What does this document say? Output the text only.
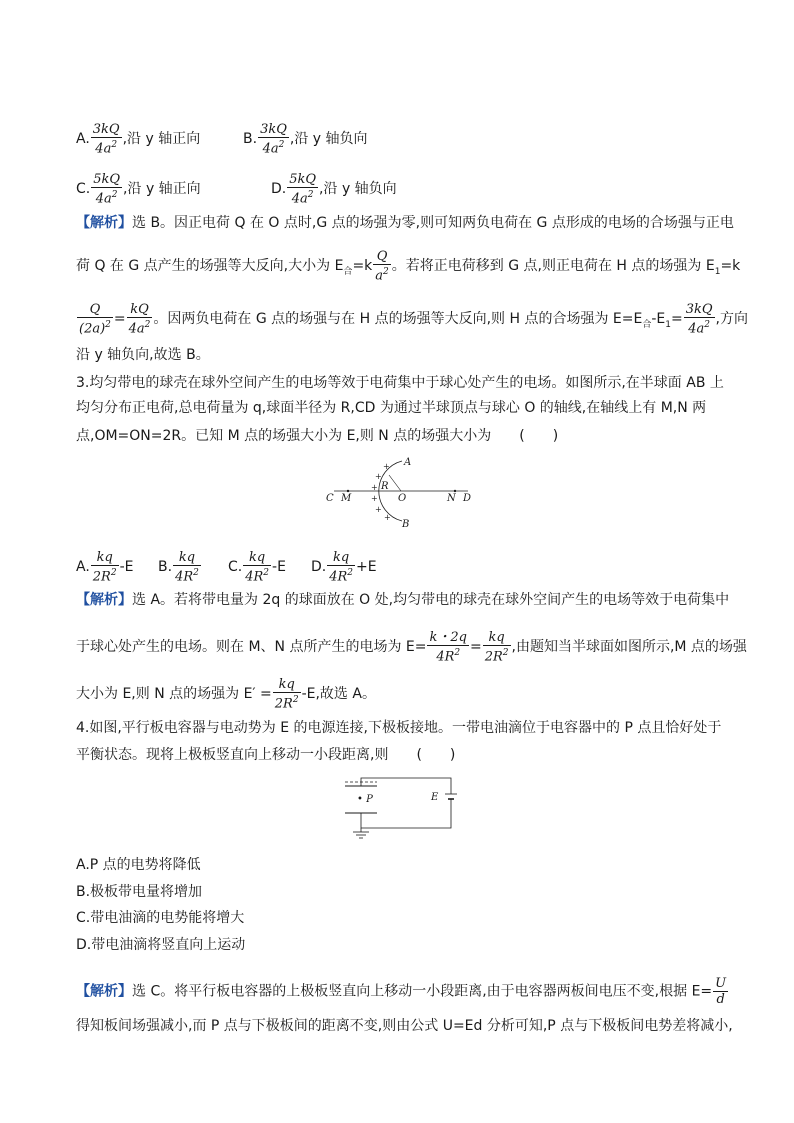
A. $\frac{3kQ}{4a^2}$ ,沿 y 轴正向	B. $\frac{3kQ}{4a^2}$ ,沿 y 轴负向
C. $\frac{5kQ}{4a^2}$ ,沿 y 轴正向	D. $\frac{5kQ}{4a^2}$ ,沿 y 轴负向
【解析】选 B。因正电荷 Q 在 O 点时,G 点的场强为零,则可知两负电荷在 G 点形成的电场的合场强与正电
荷 Q 在 G 点产生的场强等大反向,大小为 $E_合=k \frac{Q}{a^2}$ 。若将正电荷移到 G 点,则正电荷在 H 点的场强为 $E_1=k$
$\frac{Q}{(2a)^2} = \frac{kQ}{4a^2}$ 。因两负电荷在 G 点的场强与在 H 点的场强等大反向,则 H 点的合场强为 $E=E_合-E_1= \frac{3kQ}{4a^2}$ ,方向
沿 y 轴负向,故选 B。
3.均匀带电的球壳在球外空间产生的电场等效于电荷集中于球心处产生的电场。如图所示,在半球面 AB 上
均匀分布正电荷,总电荷量为 q,球面半径为 R,CD 为通过半球顶点与球心 O 的轴线,在轴线上有 M,N 两
点,OM=ON=2R。已知 M 点的场强大小为 E,则 N 点的场强大小为　　(　　)
+
+
+
+
+
+
A
B
C M	O
R
N D
A. $\frac{kq}{2R^2} -E$ B. $\frac{kq}{4R^2} C$. $\frac{kq}{4R^2} -E$ D. $\frac{kq}{4R^2} +E$
【解析】选 A。若将带电量为 2q 的球面放在 O 处,均匀带电的球壳在球外空间产生的电场等效于电荷集中
于球心处产生的电场。则在 M、N 点所产生的电场为 $E= \frac{k・2q}{4R^2} = \frac{kq}{2R^2}$ ,由题知当半球面如图所示,M 点的场强
大小为 E,则 N 点的场强为 $E' = \frac{kq}{2R^2} -E$,故选 A。
4.如图,平行板电容器与电动势为 E 的电源连接,下极板接地。一带电油滴位于电容器中的 P 点且恰好处于
平衡状态。现将上极板竖直向上移动一小段距离,则　　(　　)
• P	E
A.P 点的电势将降低
B.极板带电量将增加
C.带电油滴的电势能将增大
D.带电油滴将竖直向上运动
【解析】选 C。将平行板电容器的上极板竖直向上移动一小段距离,由于电容器两板间电压不变,根据 $E= \frac{U}{d}$
得知板间场强减小,而 P 点与下极板间的距离不变,则由公式 U=Ed 分析可知,P 点与下极板间电势差将减小,
